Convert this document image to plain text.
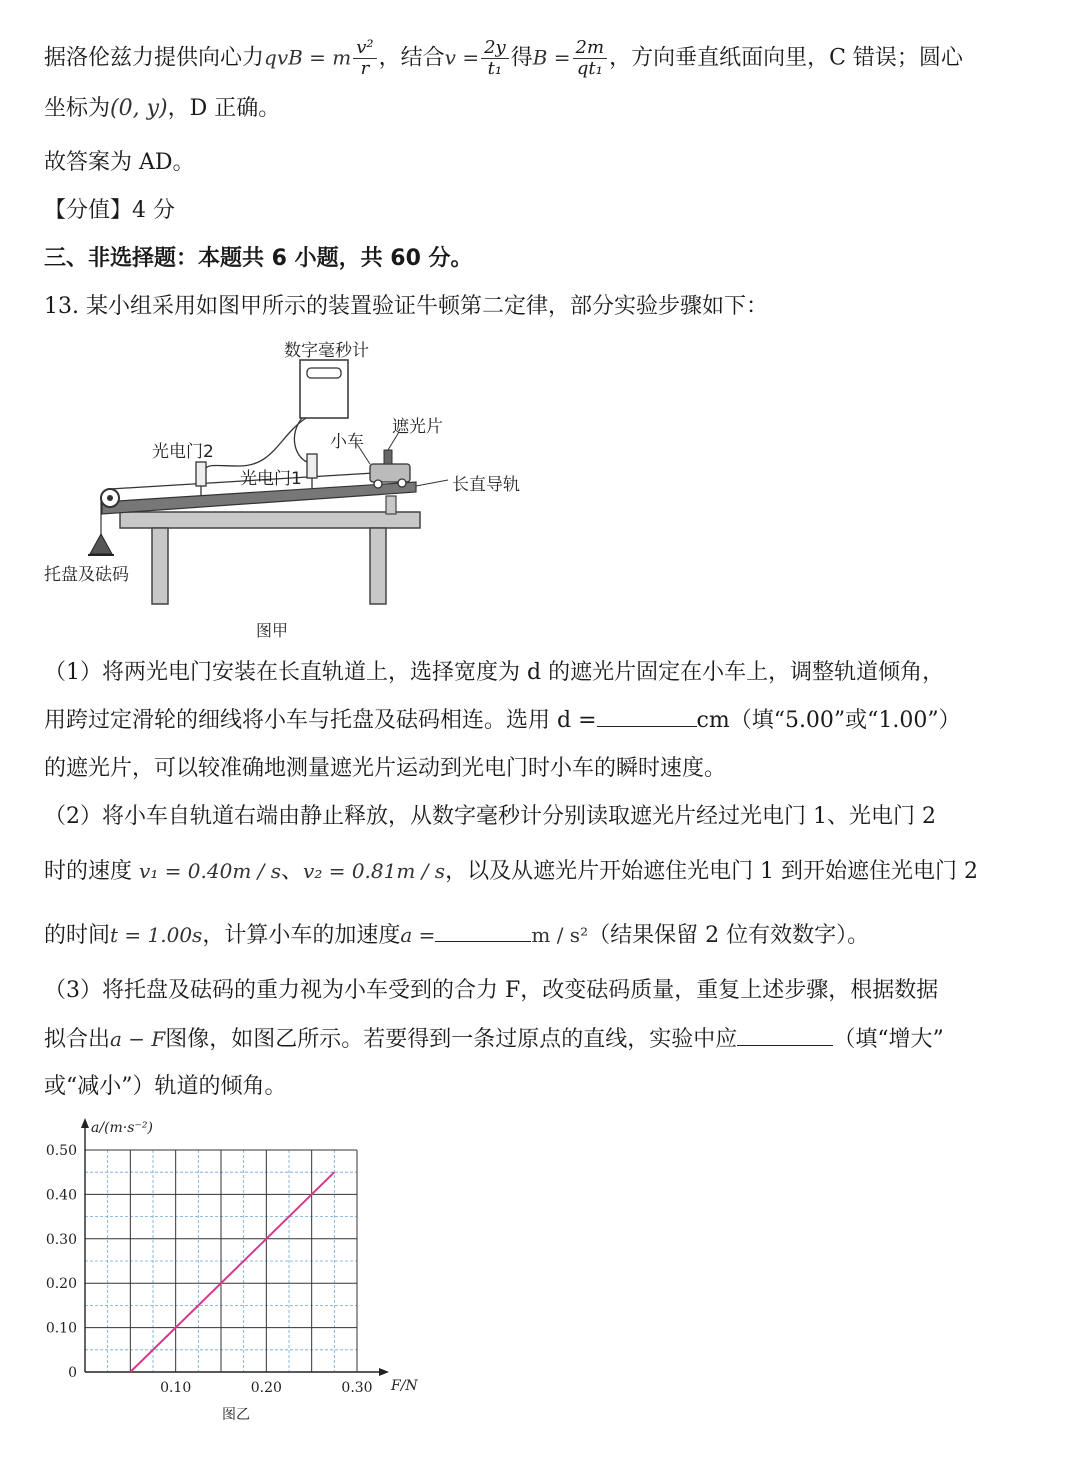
据洛伦兹力提供向心力qvB = m $\frac{\text{v²}}{r}$ ，结合$v = \frac{2y}{\text{t₁}}$ 得$B = \frac{2m}{\text{qt₁}}$ ，方向垂直纸面向里，C 错误；圆心
坐标为(0, y)，D 正确。
故答案为 AD。
【分值】4 分
三、非选择题：本题共 6 小题，共 60 分。
13. 某小组采用如图甲所示的装置验证牛顿第二定律，部分实验步骤如下：
数字毫秒计
遮光片
小车
光电门2
光电门1	长直导轨
托盘及砝码
图甲
（1）将两光电门安装在长直轨道上，选择宽度为 d 的遮光片固定在小车上，调整轨道倾角，
用跨过定滑轮的细线将小车与托盘及砝码相连。选用 d =	cm（填“5.00”或“1.00”）
的遮光片，可以较准确地测量遮光片运动到光电门时小车的瞬时速度。
（2）将小车自轨道右端由静止释放，从数字毫秒计分别读取遮光片经过光电门 1、光电门 2
时的速度 v₁ = 0.40m / s、v₂ = 0.81m / s，以及从遮光片开始遮住光电门 1 到开始遮住光电门 2
的时间t = 1.00s，计算小车的加速度a =	m / s²（结果保留 2 位有效数字）。
（3）将托盘及砝码的重力视为小车受到的合力 F，改变砝码质量，重复上述步骤，根据数据
拟合出a − F图像，如图乙所示。若要得到一条过原点的直线，实验中应	（填“增大”
或“减小”）轨道的倾角。
F/N
a/(m·s⁻²)
0
0.10
0.20
0.30
0.40
0.50
0.10	0.20	0.30
图乙
